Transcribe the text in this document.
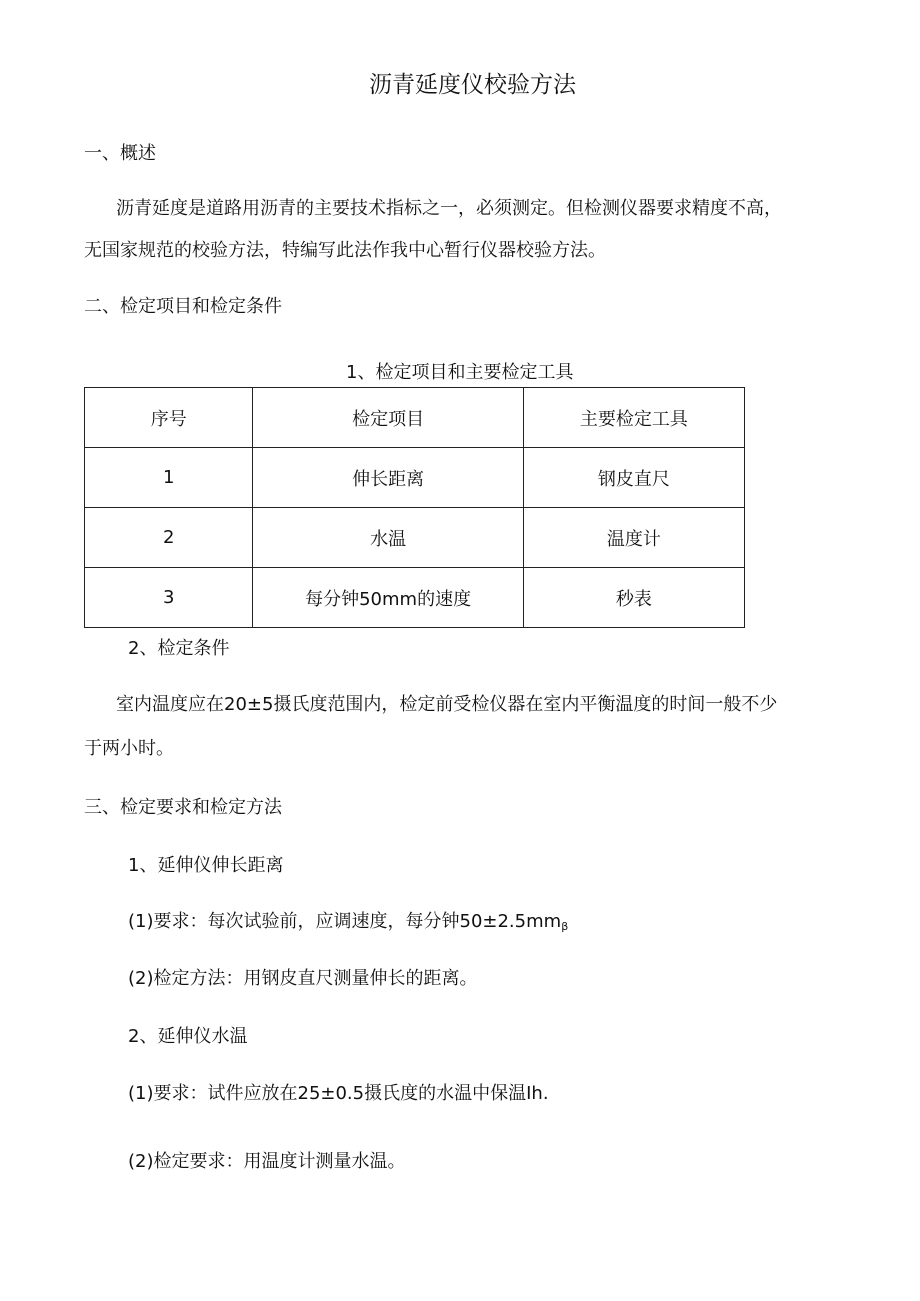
沥青延度仪校验方法
一、概述
沥青延度是道路用沥青的主要技术指标之一，必须测定。但检测仪器要求精度不高，
无国家规范的校验方法，特编写此法作我中心暂行仪器校验方法。
二、检定项目和检定条件
1、检定项目和主要检定工具
序号	检定项目	主要检定工具
1	伸长距离	钢皮直尺
2	水温	温度计
3	每分钟50mm的速度	秒表
2、检定条件
室内温度应在20±5摄氏度范围内，检定前受检仪器在室内平衡温度的时间一般不少
于两小时。
三、检定要求和检定方法
1、延伸仪伸长距离
(1)要求：每次试验前，应调速度，每分钟$50\pm 2.5mm_\beta$
(2)检定方法：用钢皮直尺测量伸长的距离。
2、延伸仪水温
(1)要求：试件应放在25±0.5摄氏度的水温中保温Ih.
(2)检定要求：用温度计测量水温。
